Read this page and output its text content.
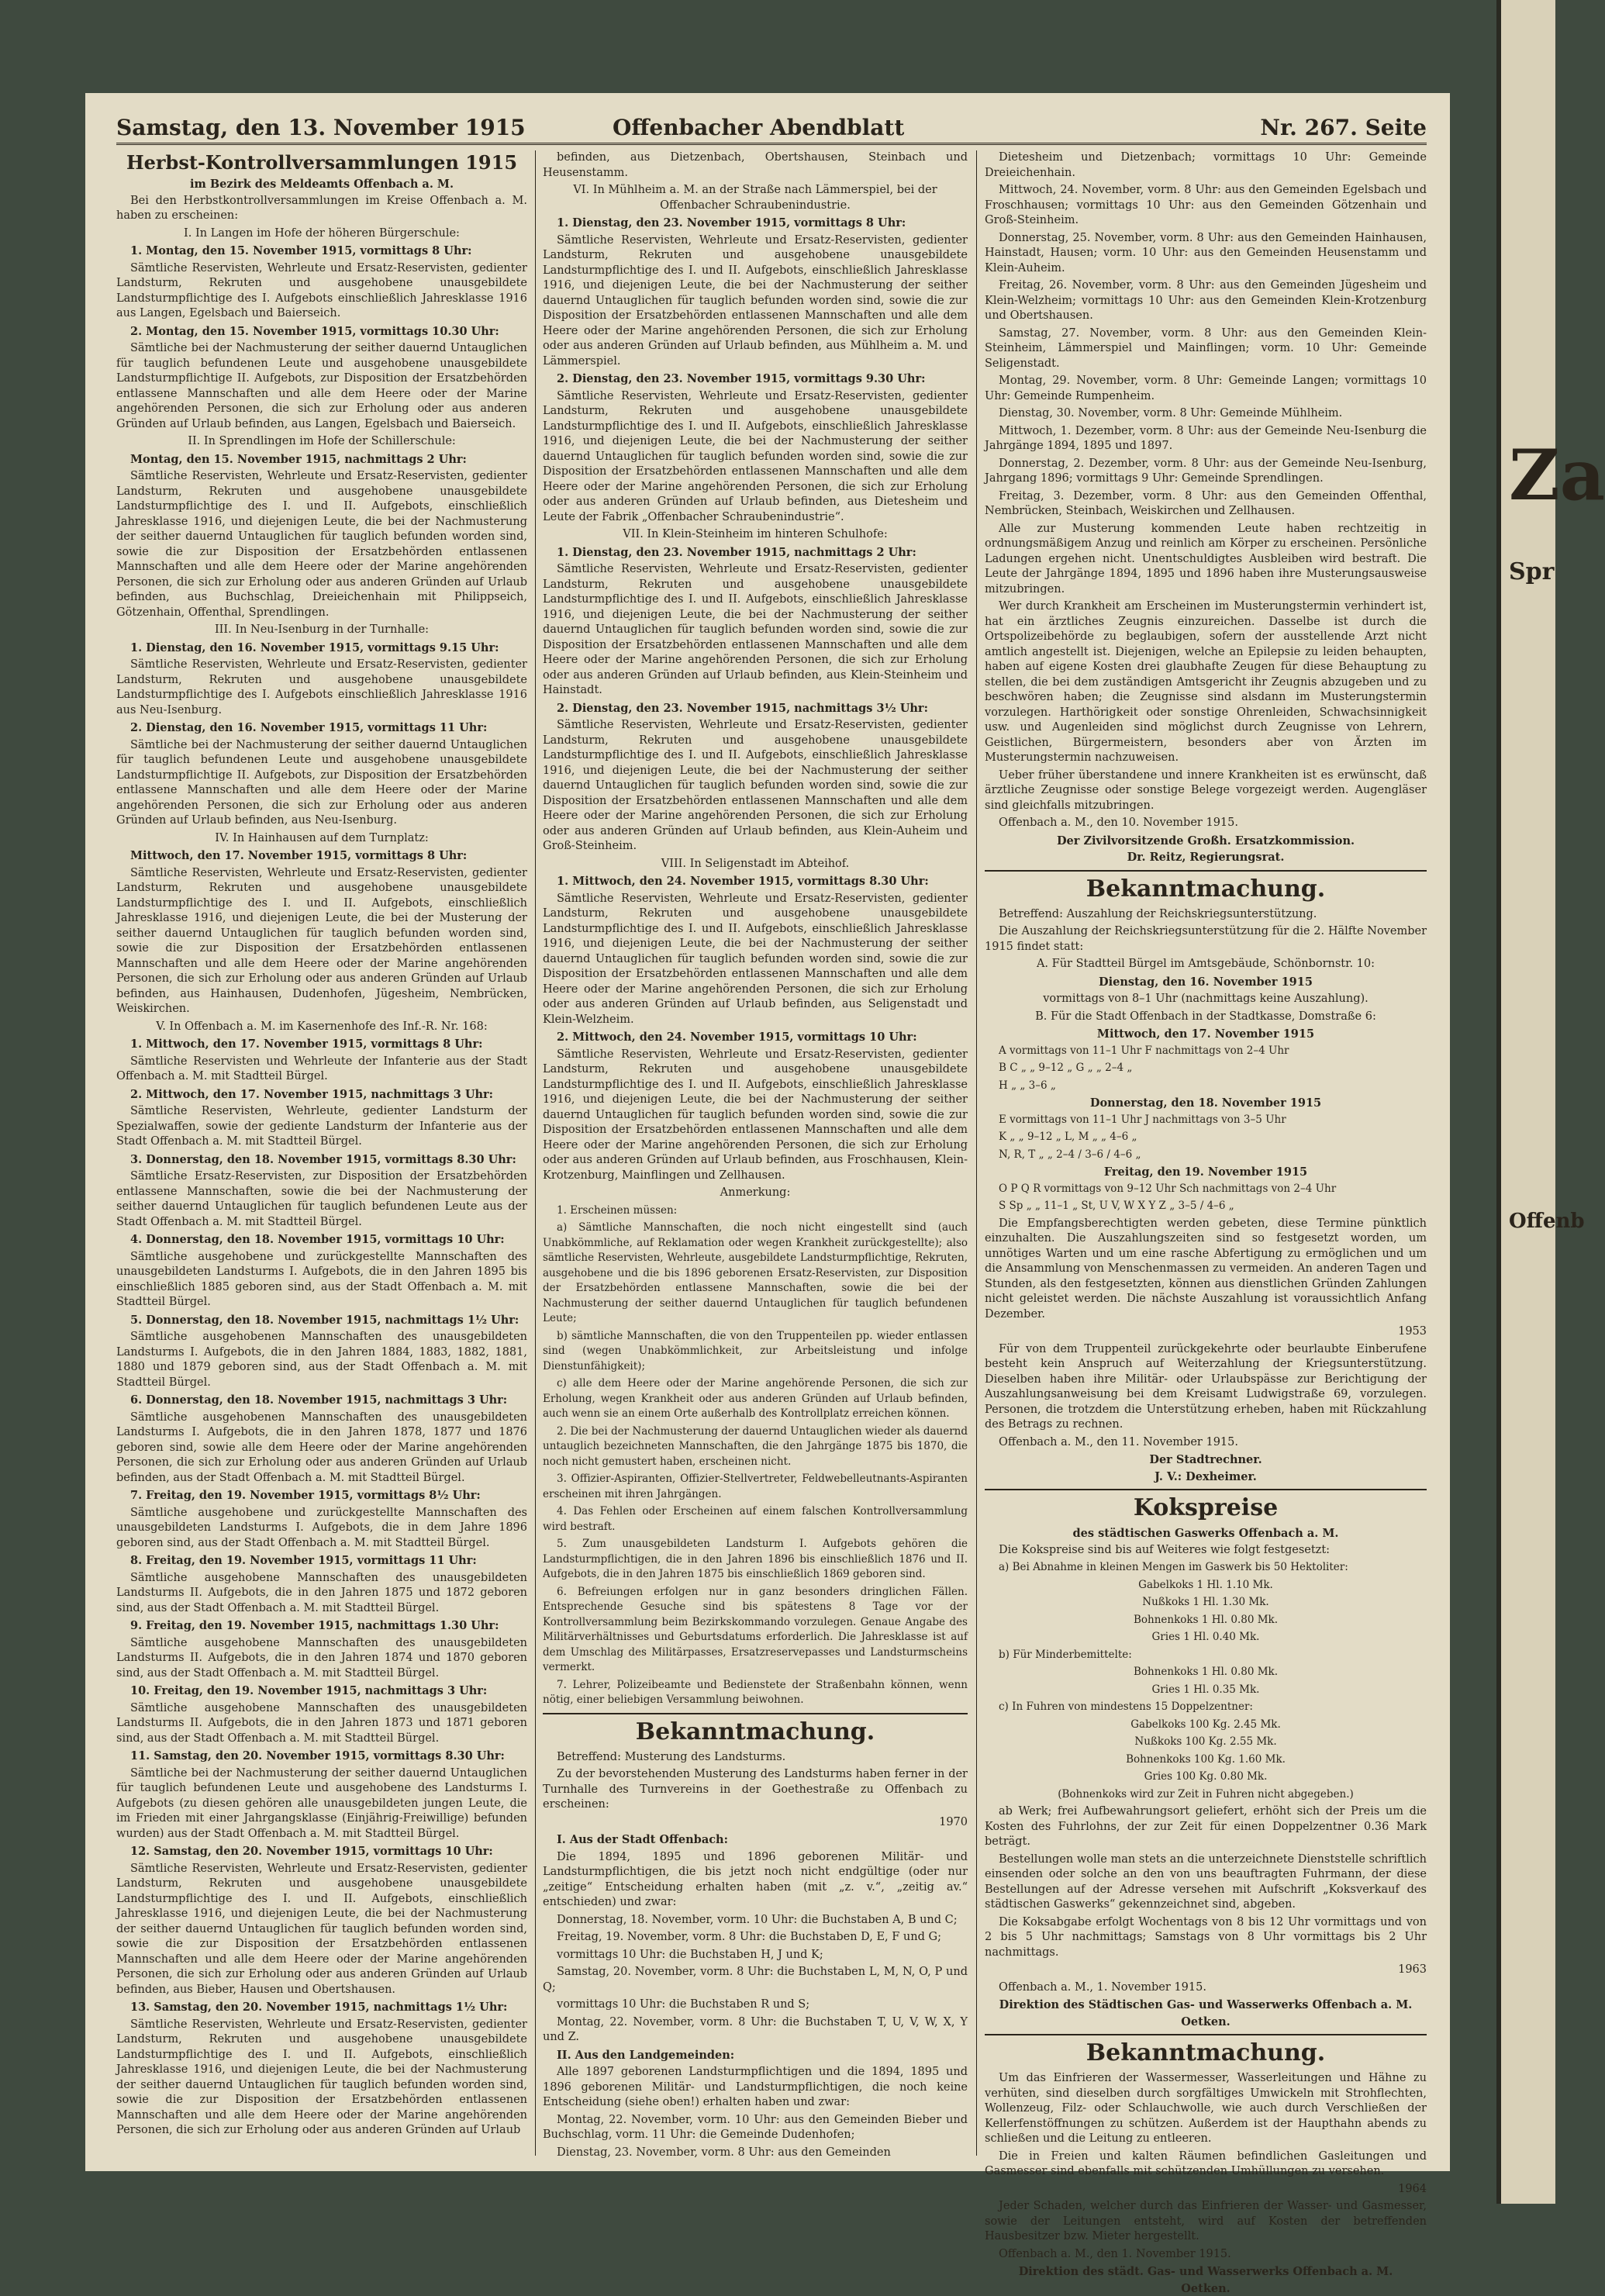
Samstag, den 13. November 1915	Offenbacher Abendblatt	Nr. 267. Seite
Herbst-Kontrollversammlungen 1915

im Bezirk des Meldeamts Offenbach a. M.

Bei den Herbstkontrollversammlungen im Kreise Offenbach a. M. haben zu erscheinen:

I. In Langen im Hofe der höheren Bürgerschule:

1. Montag, den 15. November 1915, vormittags 8 Uhr:

Sämtliche Reservisten, Wehrleute und Ersatz-Reservisten, gedienter Landsturm, Rekruten und ausgehobene unausgebildete Landsturmpflichtige des I. Aufgebots einschließlich Jahresklasse 1916 aus Langen, Egelsbach und Baierseich.

2. Montag, den 15. November 1915, vormittags 10.30 Uhr:

Sämtliche bei der Nachmusterung der seither dauernd Untauglichen für tauglich befundenen Leute und ausgehobene unausgebildete Landsturmpflichtige II. Aufgebots, zur Disposition der Ersatzbehörden entlassene Mannschaften und alle dem Heere oder der Marine angehörenden Personen, die sich zur Erholung oder aus anderen Gründen auf Urlaub befinden, aus Langen, Egelsbach und Baierseich.

II. In Sprendlingen im Hofe der Schillerschule:

Montag, den 15. November 1915, nachmittags 2 Uhr:

Sämtliche Reservisten, Wehrleute und Ersatz-Reservisten, gedienter Landsturm, Rekruten und ausgehobene unausgebildete Landsturmpflichtige des I. und II. Aufgebots, einschließlich Jahresklasse 1916, und diejenigen Leute, die bei der Nachmusterung der seither dauernd Untauglichen für tauglich befunden worden sind, sowie die zur Disposition der Ersatzbehörden entlassenen Mannschaften und alle dem Heere oder der Marine angehörenden Personen, die sich zur Erholung oder aus anderen Gründen auf Urlaub befinden, aus Buchschlag, Dreieichenhain mit Philippseich, Götzenhain, Offenthal, Sprendlingen.

III. In Neu-Isenburg in der Turnhalle:

1. Dienstag, den 16. November 1915, vormittags 9.15 Uhr:

Sämtliche Reservisten, Wehrleute und Ersatz-Reservisten, gedienter Landsturm, Rekruten und ausgehobene unausgebildete Landsturmpflichtige des I. Aufgebots einschließlich Jahresklasse 1916 aus Neu-Isenburg.

2. Dienstag, den 16. November 1915, vormittags 11 Uhr:

Sämtliche bei der Nachmusterung der seither dauernd Untauglichen für tauglich befundenen Leute und ausgehobene unausgebildete Landsturmpflichtige II. Aufgebots, zur Disposition der Ersatzbehörden entlassene Mannschaften und alle dem Heere oder der Marine angehörenden Personen, die sich zur Erholung oder aus anderen Gründen auf Urlaub befinden, aus Neu-Isenburg.

IV. In Hainhausen auf dem Turnplatz:

Mittwoch, den 17. November 1915, vormittags 8 Uhr:

Sämtliche Reservisten, Wehrleute und Ersatz-Reservisten, gedienter Landsturm, Rekruten und ausgehobene unausgebildete Landsturmpflichtige des I. und II. Aufgebots, einschließlich Jahresklasse 1916, und diejenigen Leute, die bei der Musterung der seither dauernd Untauglichen für tauglich befunden worden sind, sowie die zur Disposition der Ersatzbehörden entlassenen Mannschaften und alle dem Heere oder der Marine angehörenden Personen, die sich zur Erholung oder aus anderen Gründen auf Urlaub befinden, aus Hainhausen, Dudenhofen, Jügesheim, Nembrücken, Weiskirchen.

V. In Offenbach a. M. im Kasernenhofe des Inf.-R. Nr. 168:

1. Mittwoch, den 17. November 1915, vormittags 8 Uhr:

Sämtliche Reservisten und Wehrleute der Infanterie aus der Stadt Offenbach a. M. mit Stadtteil Bürgel.

2. Mittwoch, den 17. November 1915, nachmittags 3 Uhr:

Sämtliche Reservisten, Wehrleute, gedienter Landsturm der Spezialwaffen, sowie der gediente Landsturm der Infanterie aus der Stadt Offenbach a. M. mit Stadtteil Bürgel.

3. Donnerstag, den 18. November 1915, vormittags 8.30 Uhr:

Sämtliche Ersatz-Reservisten, zur Disposition der Ersatzbehörden entlassene Mannschaften, sowie die bei der Nachmusterung der seither dauernd Untauglichen für tauglich befundenen Leute aus der Stadt Offenbach a. M. mit Stadtteil Bürgel.

4. Donnerstag, den 18. November 1915, vormittags 10 Uhr:

Sämtliche ausgehobene und zurückgestellte Mannschaften des unausgebildeten Landsturms I. Aufgebots, die in den Jahren 1895 bis einschließlich 1885 geboren sind, aus der Stadt Offenbach a. M. mit Stadtteil Bürgel.

5. Donnerstag, den 18. November 1915, nachmittags 1½ Uhr:

Sämtliche ausgehobenen Mannschaften des unausgebildeten Landsturms I. Aufgebots, die in den Jahren 1884, 1883, 1882, 1881, 1880 und 1879 geboren sind, aus der Stadt Offenbach a. M. mit Stadtteil Bürgel.

6. Donnerstag, den 18. November 1915, nachmittags 3 Uhr:

Sämtliche ausgehobenen Mannschaften des unausgebildeten Landsturms I. Aufgebots, die in den Jahren 1878, 1877 und 1876 geboren sind, sowie alle dem Heere oder der Marine angehörenden Personen, die sich zur Erholung oder aus anderen Gründen auf Urlaub befinden, aus der Stadt Offenbach a. M. mit Stadtteil Bürgel.

7. Freitag, den 19. November 1915, vormittags 8½ Uhr:

Sämtliche ausgehobene und zurückgestellte Mannschaften des unausgebildeten Landsturms I. Aufgebots, die in dem Jahre 1896 geboren sind, aus der Stadt Offenbach a. M. mit Stadtteil Bürgel.

8. Freitag, den 19. November 1915, vormittags 11 Uhr:

Sämtliche ausgehobene Mannschaften des unausgebildeten Landsturms II. Aufgebots, die in den Jahren 1875 und 1872 geboren sind, aus der Stadt Offenbach a. M. mit Stadtteil Bürgel.

9. Freitag, den 19. November 1915, nachmittags 1.30 Uhr:

Sämtliche ausgehobene Mannschaften des unausgebildeten Landsturms II. Aufgebots, die in den Jahren 1874 und 1870 geboren sind, aus der Stadt Offenbach a. M. mit Stadtteil Bürgel.

10. Freitag, den 19. November 1915, nachmittags 3 Uhr:

Sämtliche ausgehobene Mannschaften des unausgebildeten Landsturms II. Aufgebots, die in den Jahren 1873 und 1871 geboren sind, aus der Stadt Offenbach a. M. mit Stadtteil Bürgel.

11. Samstag, den 20. November 1915, vormittags 8.30 Uhr:

Sämtliche bei der Nachmusterung der seither dauernd Untauglichen für tauglich befundenen Leute und ausgehobene des Landsturms I. Aufgebots (zu diesen gehören alle unausgebildeten jungen Leute, die im Frieden mit einer Jahrgangsklasse (Einjährig-Freiwillige) befunden wurden) aus der Stadt Offenbach a. M. mit Stadtteil Bürgel.

12. Samstag, den 20. November 1915, vormittags 10 Uhr:

Sämtliche Reservisten, Wehrleute und Ersatz-Reservisten, gedienter Landsturm, Rekruten und ausgehobene unausgebildete Landsturmpflichtige des I. und II. Aufgebots, einschließlich Jahresklasse 1916, und diejenigen Leute, die bei der Nachmusterung der seither dauernd Untauglichen für tauglich befunden worden sind, sowie die zur Disposition der Ersatzbehörden entlassenen Mannschaften und alle dem Heere oder der Marine angehörenden Personen, die sich zur Erholung oder aus anderen Gründen auf Urlaub befinden, aus Bieber, Hausen und Obertshausen.

13. Samstag, den 20. November 1915, nachmittags 1½ Uhr:

Sämtliche Reservisten, Wehrleute und Ersatz-Reservisten, gedienter Landsturm, Rekruten und ausgehobene unausgebildete Landsturmpflichtige des I. und II. Aufgebots, einschließlich Jahresklasse 1916, und diejenigen Leute, die bei der Nachmusterung der seither dauernd Untauglichen für tauglich befunden worden sind, sowie die zur Disposition der Ersatzbehörden entlassenen Mannschaften und alle dem Heere oder der Marine angehörenden Personen, die sich zur Erholung oder aus anderen Gründen auf Urlaub

befinden, aus Dietzenbach, Obertshausen, Steinbach und Heusenstamm.

VI. In Mühlheim a. M. an der Straße nach Lämmerspiel, bei der Offenbacher Schraubenindustrie.

1. Dienstag, den 23. November 1915, vormittags 8 Uhr:

Sämtliche Reservisten, Wehrleute und Ersatz-Reservisten, gedienter Landsturm, Rekruten und ausgehobene unausgebildete Landsturmpflichtige des I. und II. Aufgebots, einschließlich Jahresklasse 1916, und diejenigen Leute, die bei der Nachmusterung der seither dauernd Untauglichen für tauglich befunden worden sind, sowie die zur Disposition der Ersatzbehörden entlassenen Mannschaften und alle dem Heere oder der Marine angehörenden Personen, die sich zur Erholung oder aus anderen Gründen auf Urlaub befinden, aus Mühlheim a. M. und Lämmerspiel.

2. Dienstag, den 23. November 1915, vormittags 9.30 Uhr:

Sämtliche Reservisten, Wehrleute und Ersatz-Reservisten, gedienter Landsturm, Rekruten und ausgehobene unausgebildete Landsturmpflichtige des I. und II. Aufgebots, einschließlich Jahresklasse 1916, und diejenigen Leute, die bei der Nachmusterung der seither dauernd Untauglichen für tauglich befunden worden sind, sowie die zur Disposition der Ersatzbehörden entlassenen Mannschaften und alle dem Heere oder der Marine angehörenden Personen, die sich zur Erholung oder aus anderen Gründen auf Urlaub befinden, aus Dietesheim und Leute der Fabrik „Offenbacher Schraubenindustrie“.

VII. In Klein-Steinheim im hinteren Schulhofe:

1. Dienstag, den 23. November 1915, nachmittags 2 Uhr:

Sämtliche Reservisten, Wehrleute und Ersatz-Reservisten, gedienter Landsturm, Rekruten und ausgehobene unausgebildete Landsturmpflichtige des I. und II. Aufgebots, einschließlich Jahresklasse 1916, und diejenigen Leute, die bei der Nachmusterung der seither dauernd Untauglichen für tauglich befunden worden sind, sowie die zur Disposition der Ersatzbehörden entlassenen Mannschaften und alle dem Heere oder der Marine angehörenden Personen, die sich zur Erholung oder aus anderen Gründen auf Urlaub befinden, aus Klein-Steinheim und Hainstadt.

2. Dienstag, den 23. November 1915, nachmittags 3½ Uhr:

Sämtliche Reservisten, Wehrleute und Ersatz-Reservisten, gedienter Landsturm, Rekruten und ausgehobene unausgebildete Landsturmpflichtige des I. und II. Aufgebots, einschließlich Jahresklasse 1916, und diejenigen Leute, die bei der Nachmusterung der seither dauernd Untauglichen für tauglich befunden worden sind, sowie die zur Disposition der Ersatzbehörden entlassenen Mannschaften und alle dem Heere oder der Marine angehörenden Personen, die sich zur Erholung oder aus anderen Gründen auf Urlaub befinden, aus Klein-Auheim und Groß-Steinheim.

VIII. In Seligenstadt im Abteihof.

1. Mittwoch, den 24. November 1915, vormittags 8.30 Uhr:

Sämtliche Reservisten, Wehrleute und Ersatz-Reservisten, gedienter Landsturm, Rekruten und ausgehobene unausgebildete Landsturmpflichtige des I. und II. Aufgebots, einschließlich Jahresklasse 1916, und diejenigen Leute, die bei der Nachmusterung der seither dauernd Untauglichen für tauglich befunden worden sind, sowie die zur Disposition der Ersatzbehörden entlassenen Mannschaften und alle dem Heere oder der Marine angehörenden Personen, die sich zur Erholung oder aus anderen Gründen auf Urlaub befinden, aus Seligenstadt und Klein-Welzheim.

2. Mittwoch, den 24. November 1915, vormittags 10 Uhr:

Sämtliche Reservisten, Wehrleute und Ersatz-Reservisten, gedienter Landsturm, Rekruten und ausgehobene unausgebildete Landsturmpflichtige des I. und II. Aufgebots, einschließlich Jahresklasse 1916, und diejenigen Leute, die bei der Nachmusterung der seither dauernd Untauglichen für tauglich befunden worden sind, sowie die zur Disposition der Ersatzbehörden entlassenen Mannschaften und alle dem Heere oder der Marine angehörenden Personen, die sich zur Erholung oder aus anderen Gründen auf Urlaub befinden, aus Froschhausen, Klein-Krotzenburg, Mainflingen und Zellhausen.

Anmerkung:

1. Erscheinen müssen:

a) Sämtliche Mannschaften, die noch nicht eingestellt sind (auch Unabkömmliche, auf Reklamation oder wegen Krankheit zurückgestellte); also sämtliche Reservisten, Wehrleute, ausgebildete Landsturmpflichtige, Rekruten, ausgehobene und die bis 1896 geborenen Ersatz-Reservisten, zur Disposition der Ersatzbehörden entlassene Mannschaften, sowie die bei der Nachmusterung der seither dauernd Untauglichen für tauglich befundenen Leute;

b) sämtliche Mannschaften, die von den Truppenteilen pp. wieder entlassen sind (wegen Unabkömmlichkeit, zur Arbeitsleistung und infolge Dienstunfähigkeit);

c) alle dem Heere oder der Marine angehörende Personen, die sich zur Erholung, wegen Krankheit oder aus anderen Gründen auf Urlaub befinden, auch wenn sie an einem Orte außerhalb des Kontrollplatz erreichen können.

2. Die bei der Nachmusterung der dauernd Untauglichen wieder als dauernd untauglich bezeichneten Mannschaften, die den Jahrgänge 1875 bis 1870, die noch nicht gemustert haben, erscheinen nicht.

3. Offizier-Aspiranten, Offizier-Stellvertreter, Feldwebelleutnants-Aspiranten erscheinen mit ihren Jahrgängen.

4. Das Fehlen oder Erscheinen auf einem falschen Kontrollversammlung wird bestraft.

5. Zum unausgebildeten Landsturm I. Aufgebots gehören die Landsturmpflichtigen, die in den Jahren 1896 bis einschließlich 1876 und II. Aufgebots, die in den Jahren 1875 bis einschließlich 1869 geboren sind.

6. Befreiungen erfolgen nur in ganz besonders dringlichen Fällen. Entsprechende Gesuche sind bis spätestens 8 Tage vor der Kontrollversammlung beim Bezirkskommando vorzulegen. Genaue Angabe des Militärverhältnisses und Geburtsdatums erforderlich. Die Jahresklasse ist auf dem Umschlag des Militärpasses, Ersatzreservepasses und Landsturmscheins vermerkt.

7. Lehrer, Polizeibeamte und Bedienstete der Straßenbahn können, wenn nötig, einer beliebigen Versammlung beiwohnen.

Bekanntmachung.

Betreffend: Musterung des Landsturms.

Zu der bevorstehenden Musterung des Landsturms haben ferner in der Turnhalle des Turnvereins in der Goethestraße zu Offenbach zu erscheinen:

1970

I. Aus der Stadt Offenbach:

Die 1894, 1895 und 1896 geborenen Militär- und Landsturmpflichtigen, die bis jetzt noch nicht endgültige (oder nur „zeitige“ Entscheidung erhalten haben (mit „z. v.“, „zeitig av.“ entschieden) und zwar:

Donnerstag, 18. November, vorm. 10 Uhr: die Buchstaben A, B und C;

Freitag, 19. November, vorm. 8 Uhr: die Buchstaben D, E, F und G;

vormittags 10 Uhr: die Buchstaben H, J und K;

Samstag, 20. November, vorm. 8 Uhr: die Buchstaben L, M, N, O, P und Q;

vormittags 10 Uhr: die Buchstaben R und S;

Montag, 22. November, vorm. 8 Uhr: die Buchstaben T, U, V, W, X, Y und Z.

II. Aus den Landgemeinden:

Alle 1897 geborenen Landsturmpflichtigen und die 1894, 1895 und 1896 geborenen Militär- und Landsturmpflichtigen, die noch keine Entscheidung (siehe oben!) erhalten haben und zwar:

Montag, 22. November, vorm. 10 Uhr: aus den Gemeinden Bieber und Buchschlag, vorm. 11 Uhr: die Gemeinde Dudenhofen;

Dienstag, 23. November, vorm. 8 Uhr: aus den Gemeinden

Dietesheim und Dietzenbach; vormittags 10 Uhr: Gemeinde Dreieichenhain.

Mittwoch, 24. November, vorm. 8 Uhr: aus den Gemeinden Egelsbach und Froschhausen; vormittags 10 Uhr: aus den Gemeinden Götzenhain und Groß-Steinheim.

Donnerstag, 25. November, vorm. 8 Uhr: aus den Gemeinden Hainhausen, Hainstadt, Hausen; vorm. 10 Uhr: aus den Gemeinden Heusenstamm und Klein-Auheim.

Freitag, 26. November, vorm. 8 Uhr: aus den Gemeinden Jügesheim und Klein-Welzheim; vormittags 10 Uhr: aus den Gemeinden Klein-Krotzenburg und Obertshausen.

Samstag, 27. November, vorm. 8 Uhr: aus den Gemeinden Klein-Steinheim, Lämmerspiel und Mainflingen; vorm. 10 Uhr: Gemeinde Seligenstadt.

Montag, 29. November, vorm. 8 Uhr: Gemeinde Langen; vormittags 10 Uhr: Gemeinde Rumpenheim.

Dienstag, 30. November, vorm. 8 Uhr: Gemeinde Mühlheim.

Mittwoch, 1. Dezember, vorm. 8 Uhr: aus der Gemeinde Neu-Isenburg die Jahrgänge 1894, 1895 und 1897.

Donnerstag, 2. Dezember, vorm. 8 Uhr: aus der Gemeinde Neu-Isenburg, Jahrgang 1896; vormittags 9 Uhr: Gemeinde Sprendlingen.

Freitag, 3. Dezember, vorm. 8 Uhr: aus den Gemeinden Offenthal, Nembrücken, Steinbach, Weiskirchen und Zellhausen.

Alle zur Musterung kommenden Leute haben rechtzeitig in ordnungsmäßigem Anzug und reinlich am Körper zu erscheinen. Persönliche Ladungen ergehen nicht. Unentschuldigtes Ausbleiben wird bestraft. Die Leute der Jahrgänge 1894, 1895 und 1896 haben ihre Musterungsausweise mitzubringen.

Wer durch Krankheit am Erscheinen im Musterungstermin verhindert ist, hat ein ärztliches Zeugnis einzureichen. Dasselbe ist durch die Ortspolizeibehörde zu beglaubigen, sofern der ausstellende Arzt nicht amtlich angestellt ist. Diejenigen, welche an Epilepsie zu leiden behaupten, haben auf eigene Kosten drei glaubhafte Zeugen für diese Behauptung zu stellen, die bei dem zuständigen Amtsgericht ihr Zeugnis abzugeben und zu beschwören haben; die Zeugnisse sind alsdann im Musterungstermin vorzulegen. Harthörigkeit oder sonstige Ohrenleiden, Schwachsinnigkeit usw. und Augenleiden sind möglichst durch Zeugnisse von Lehrern, Geistlichen, Bürgermeistern, besonders aber von Ärzten im Musterungstermin nachzuweisen.

Ueber früher überstandene und innere Krankheiten ist es erwünscht, daß ärztliche Zeugnisse oder sonstige Belege vorgezeigt werden. Augengläser sind gleichfalls mitzubringen.

Offenbach a. M., den 10. November 1915.

Der Zivilvorsitzende Großh. Ersatzkommission.

Dr. Reitz, Regierungsrat.

Bekanntmachung.

Betreffend: Auszahlung der Reichskriegsunterstützung.

Die Auszahlung der Reichskriegsunterstützung für die 2. Hälfte November 1915 findet statt:

A. Für Stadtteil Bürgel im Amtsgebäude, Schönbornstr. 10:

Dienstag, den 16. November 1915

vormittags von 8–1 Uhr (nachmittags keine Auszahlung).

B. Für die Stadt Offenbach in der Stadtkasse, Domstraße 6:

Mittwoch, den 17. November 1915

A vormittags von 11–1 Uhr F nachmittags von 2–4 Uhr

B C „ „ 9–12 „ G „ „ 2–4 „

H „ „ 3–6 „

Donnerstag, den 18. November 1915

E vormittags von 11–1 Uhr J nachmittags von 3–5 Uhr

K „ „ 9–12 „ L, M „ „ 4–6 „

N, R, T „ „ 2–4 / 3–6 / 4–6 „

Freitag, den 19. November 1915

O P Q R vormittags von 9–12 Uhr Sch nachmittags von 2–4 Uhr

S Sp „ „ 11–1 „ St, U V, W X Y Z „ 3–5 / 4–6 „

Die Empfangsberechtigten werden gebeten, diese Termine pünktlich einzuhalten. Die Auszahlungszeiten sind so festgesetzt worden, um unnötiges Warten und um eine rasche Abfertigung zu ermöglichen und um die Ansammlung von Menschenmassen zu vermeiden. An anderen Tagen und Stunden, als den festgesetzten, können aus dienstlichen Gründen Zahlungen nicht geleistet werden. Die nächste Auszahlung ist voraussichtlich Anfang Dezember.

1953

Für von dem Truppenteil zurückgekehrte oder beurlaubte Einberufene besteht kein Anspruch auf Weiterzahlung der Kriegsunterstützung. Dieselben haben ihre Militär- oder Urlaubspässe zur Berichtigung der Auszahlungsanweisung bei dem Kreisamt Ludwigstraße 69, vorzulegen. Personen, die trotzdem die Unterstützung erheben, haben mit Rückzahlung des Betrags zu rechnen.

Offenbach a. M., den 11. November 1915.

Der Stadtrechner.

J. V.: Dexheimer.

Kokspreise

des städtischen Gaswerks Offenbach a. M.

Die Kokspreise sind bis auf Weiteres wie folgt festgesetzt:

a) Bei Abnahme in kleinen Mengen im Gaswerk bis 50 Hektoliter:

Gabelkoks 1 Hl. 1.10 Mk.

Nußkoks 1 Hl. 1.30 Mk.

Bohnenkoks 1 Hl. 0.80 Mk.

Gries 1 Hl. 0.40 Mk.

b) Für Minderbemittelte:

Bohnenkoks 1 Hl. 0.80 Mk.

Gries 1 Hl. 0.35 Mk.

c) In Fuhren von mindestens 15 Doppelzentner:

Gabelkoks 100 Kg. 2.45 Mk.

Nußkoks 100 Kg. 2.55 Mk.

Bohnenkoks 100 Kg. 1.60 Mk.

Gries 100 Kg. 0.80 Mk.

(Bohnenkoks wird zur Zeit in Fuhren nicht abgegeben.)

ab Werk; frei Aufbewahrungsort geliefert, erhöht sich der Preis um die Kosten des Fuhrlohns, der zur Zeit für einen Doppelzentner 0.36 Mark beträgt.

Bestellungen wolle man stets an die unterzeichnete Dienststelle schriftlich einsenden oder solche an den von uns beauftragten Fuhrmann, der diese Bestellungen auf der Adresse versehen mit Aufschrift „Koksverkauf des städtischen Gaswerks“ gekennzeichnet sind, abgeben.

Die Koksabgabe erfolgt Wochentags von 8 bis 12 Uhr vormittags und von 2 bis 5 Uhr nachmittags; Samstags von 8 Uhr vormittags bis 2 Uhr nachmittags.

1963

Offenbach a. M., 1. November 1915.

Direktion des Städtischen Gas- und Wasserwerks Offenbach a. M.

Oetken.

Bekanntmachung.

Um das Einfrieren der Wassermesser, Wasserleitungen und Hähne zu verhüten, sind dieselben durch sorgfältiges Umwickeln mit Strohflechten, Wollenzeug, Filz- oder Schlauchwolle, wie auch durch Verschließen der Kellerfenstöffnungen zu schützen. Außerdem ist der Haupthahn abends zu schließen und die Leitung zu entleeren.

Die in Freien und kalten Räumen befindlichen Gasleitungen und Gasmesser sind ebenfalls mit schützenden Umhüllungen zu versehen.

1964

Jeder Schaden, welcher durch das Einfrieren der Wasser- und Gasmesser, sowie der Leitungen entsteht, wird auf Kosten der betreffenden Hausbesitzer bzw. Mieter hergestellt.

Offenbach a. M., den 1. November 1915.

Direktion des städt. Gas- und Wasserwerks Offenbach a. M.

Oetken.

Za
Spr
Offenb
